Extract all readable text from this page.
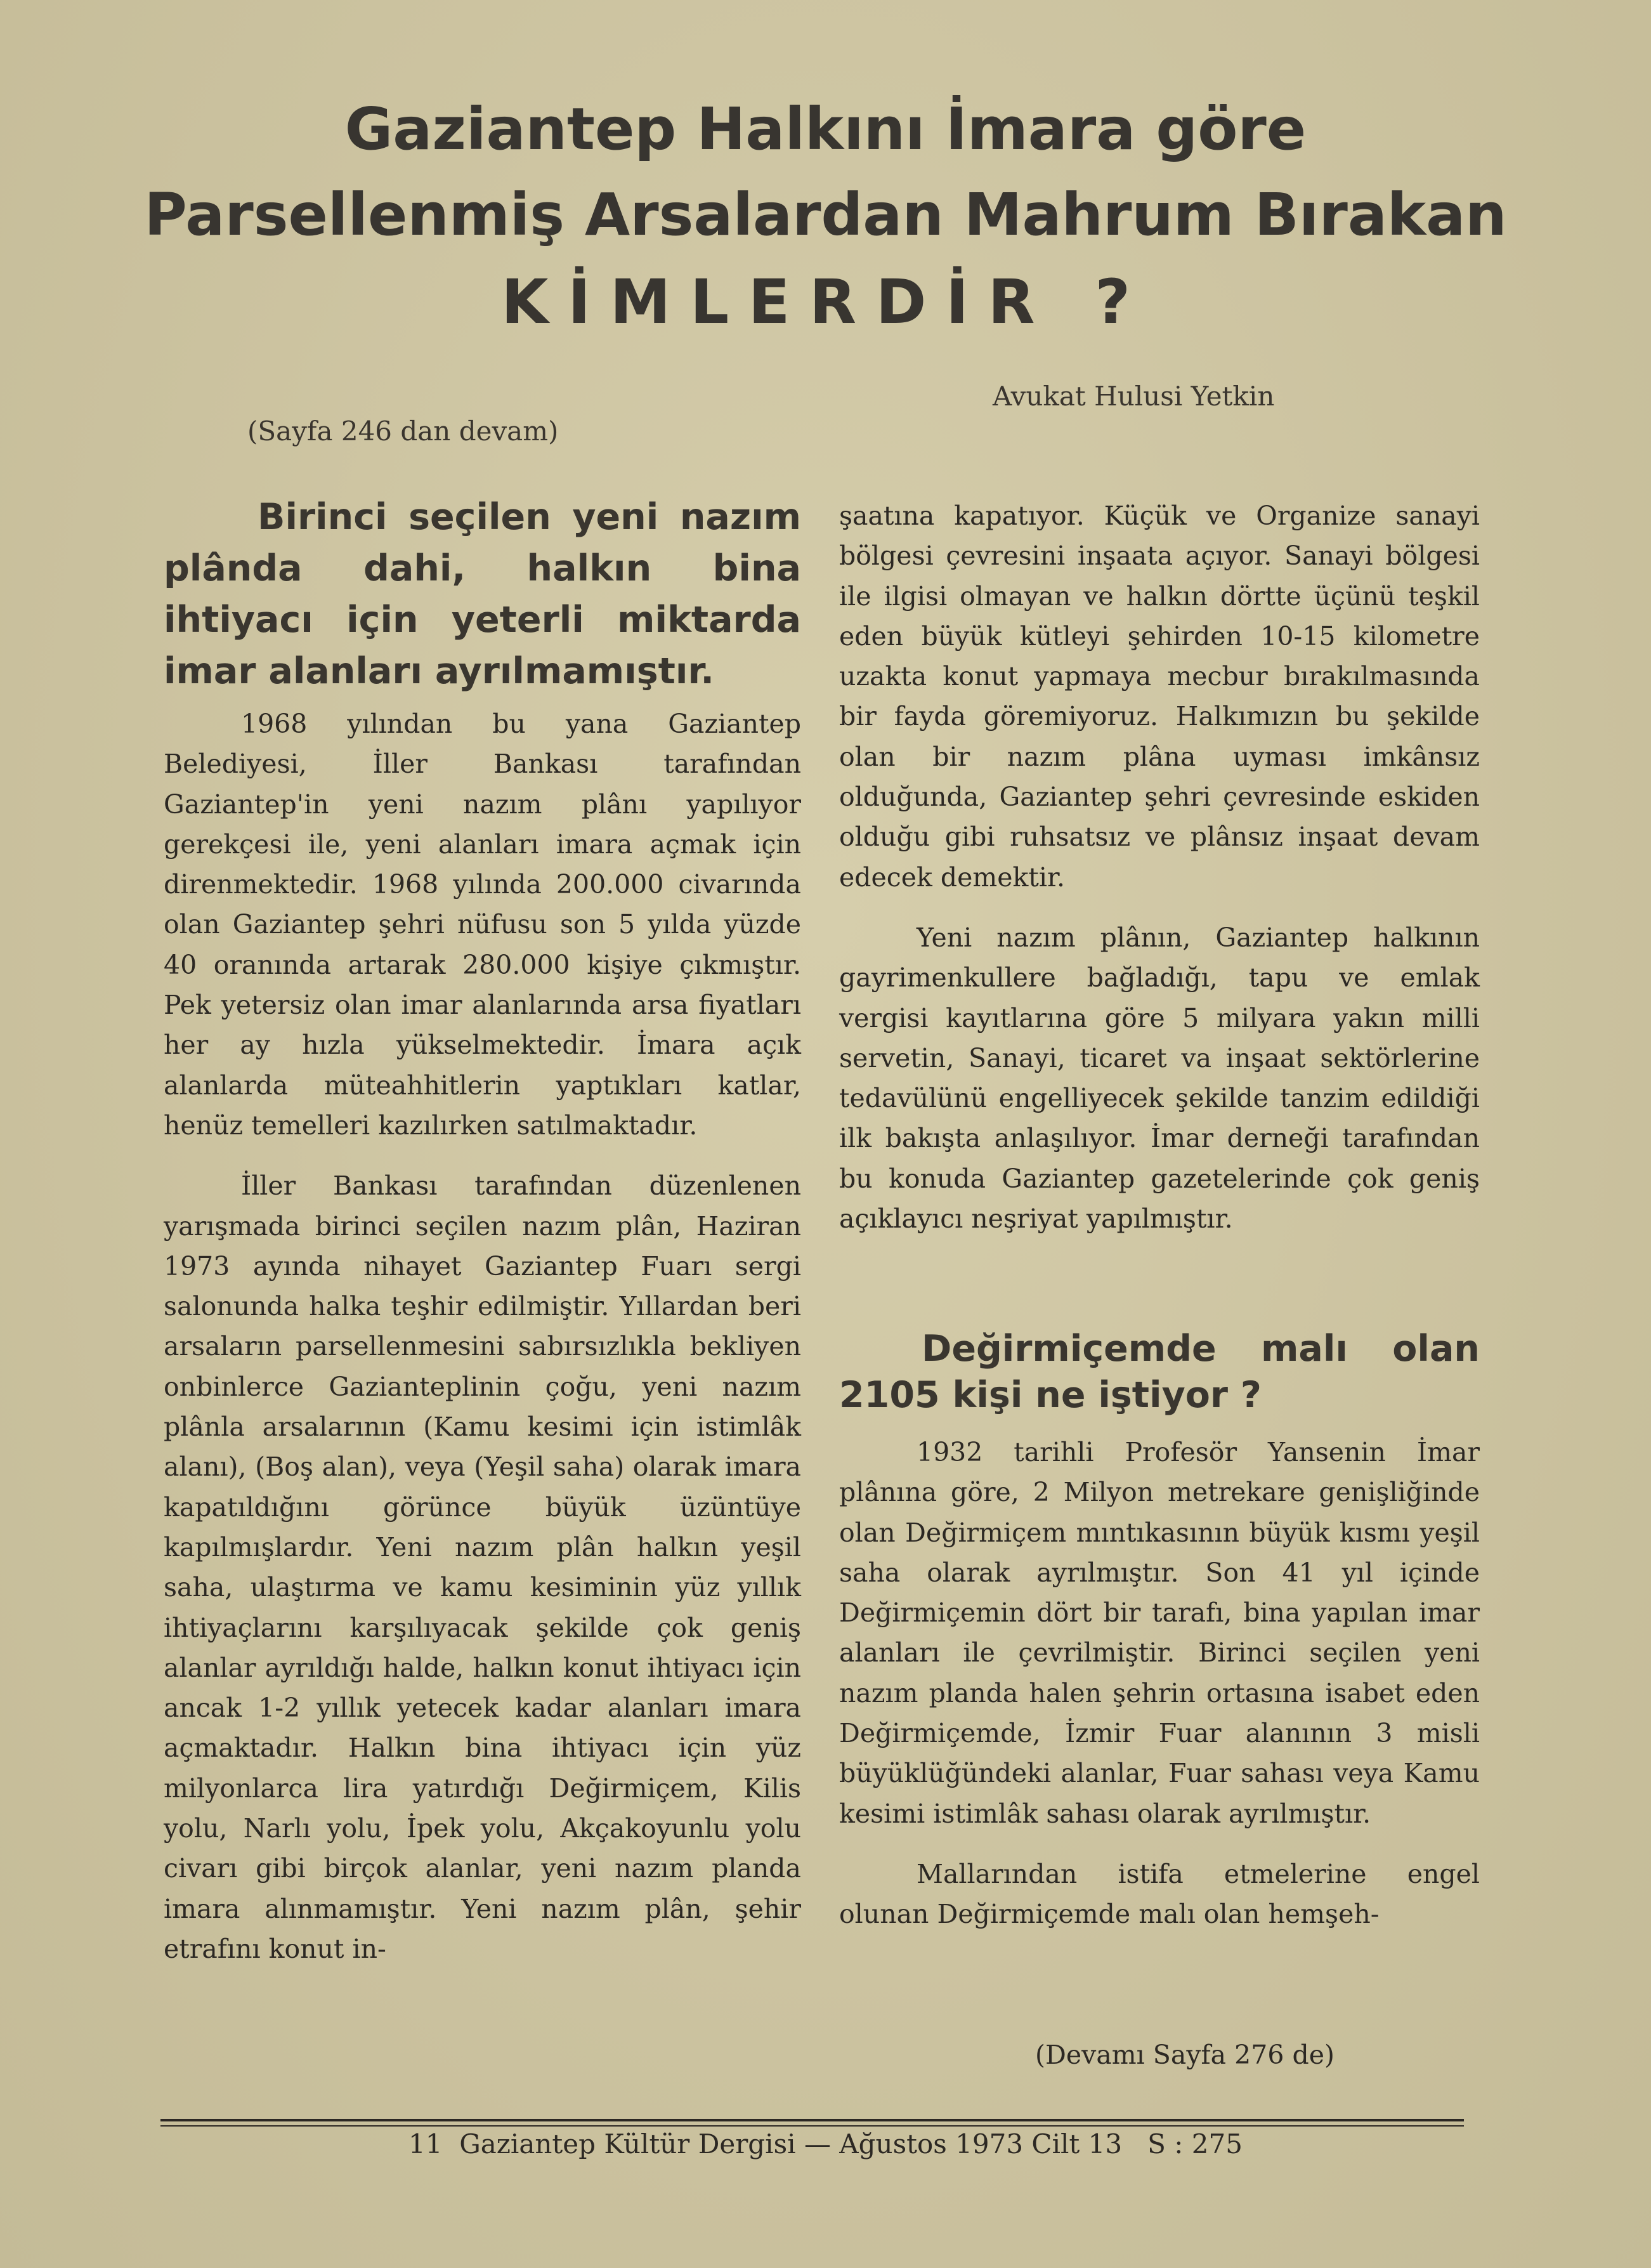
Gaziantep Halkını İmara göre
Parsellenmiş Arsalardan Mahrum Bırakan
KİMLERDİR ?
Avukat Hulusi Yetkin
(Sayfa 246 dan devam)
Birinci seçilen yeni nazım plânda dahi, halkın bina ihtiyacı için yeterli miktarda imar alanları ayrılmamıştır.

1968 yılından bu yana Gaziantep Belediyesi, İller Bankası tarafından Gaziantep'in yeni nazım plânı yapılıyor gerekçesi ile, yeni alanları imara açmak için direnmektedir. 1968 yılında 200.000 civarında olan Gaziantep şehri nüfusu son 5 yılda yüzde 40 oranında artarak 280.000 kişiye çıkmıştır. Pek yetersiz olan imar alanlarında arsa fiyatları her ay hızla yükselmektedir. İmara açık alanlarda müteahhitlerin yaptıkları katlar, henüz temelleri kazılırken satılmaktadır.

İller Bankası tarafından düzenlenen yarışmada birinci seçilen nazım plân, Haziran 1973 ayında nihayet Gaziantep Fuarı sergi salonunda halka teşhir edilmiştir. Yıllardan beri arsaların parsellenmesini sabırsızlıkla bekliyen onbinlerce Gazianteplinin çoğu, yeni nazım plânla arsalarının (Kamu kesimi için istimlâk alanı), (Boş alan), veya (Yeşil saha) olarak imara kapatıldığını görünce büyük üzüntüye kapılmışlardır. Yeni nazım plân halkın yeşil saha, ulaştırma ve kamu kesiminin yüz yıllık ihtiyaçlarını karşılıyacak şekilde çok geniş alanlar ayrıldığı halde, halkın konut ihtiyacı için ancak 1-2 yıllık yetecek kadar alanları imara açmaktadır. Halkın bina ihtiyacı için yüz milyonlarca lira yatırdığı Değirmiçem, Kilis yolu, Narlı yolu, İpek yolu, Akçakoyunlu yolu civarı gibi birçok alanlar, yeni nazım planda imara alınmamıştır. Yeni nazım plân, şehir etrafını konut in-

şaatına kapatıyor. Küçük ve Organize sanayi bölgesi çevresini inşaata açıyor. Sanayi bölgesi ile ilgisi olmayan ve halkın dörtte üçünü teşkil eden büyük kütleyi şehirden 10-15 kilometre uzakta konut yapmaya mecbur bırakılmasında bir fayda göremiyoruz. Halkımızın bu şekilde olan bir nazım plâna uyması imkânsız olduğunda, Gaziantep şehri çevresinde eskiden olduğu gibi ruhsatsız ve plânsız inşaat devam edecek demektir.

Yeni nazım plânın, Gaziantep halkının gayrimenkullere bağladığı, tapu ve emlak vergisi kayıtlarına göre 5 milyara yakın milli servetin, Sanayi, ticaret va inşaat sektörlerine tedavülünü engelliyecek şekilde tanzim edildiği ilk bakışta anlaşılıyor. İmar derneği tarafından bu konuda Gaziantep gazetelerinde çok geniş açıklayıcı neşriyat yapılmıştır.

Değirmiçemde malı olan 2105 kişi ne iştiyor ?

1932 tarihli Profesör Yansenin İmar plânına göre, 2 Milyon metrekare genişliğinde olan Değirmiçem mıntıkasının büyük kısmı yeşil saha olarak ayrılmıştır. Son 41 yıl içinde Değirmiçemin dört bir tarafı, bina yapılan imar alanları ile çevrilmiştir. Birinci seçilen yeni nazım planda halen şehrin ortasına isabet eden Değirmiçemde, İzmir Fuar alanının 3 misli büyüklüğündeki alanlar, Fuar sahası veya Kamu kesimi istimlâk sahası olarak ayrılmıştır.

Mallarından istifa etmelerine engel olunan Değirmiçemde malı olan hemşeh-

(Devamı Sayfa 276 de)
11  Gaziantep Kültür Dergisi — Ağustos 1973 Cilt 13   S : 275
